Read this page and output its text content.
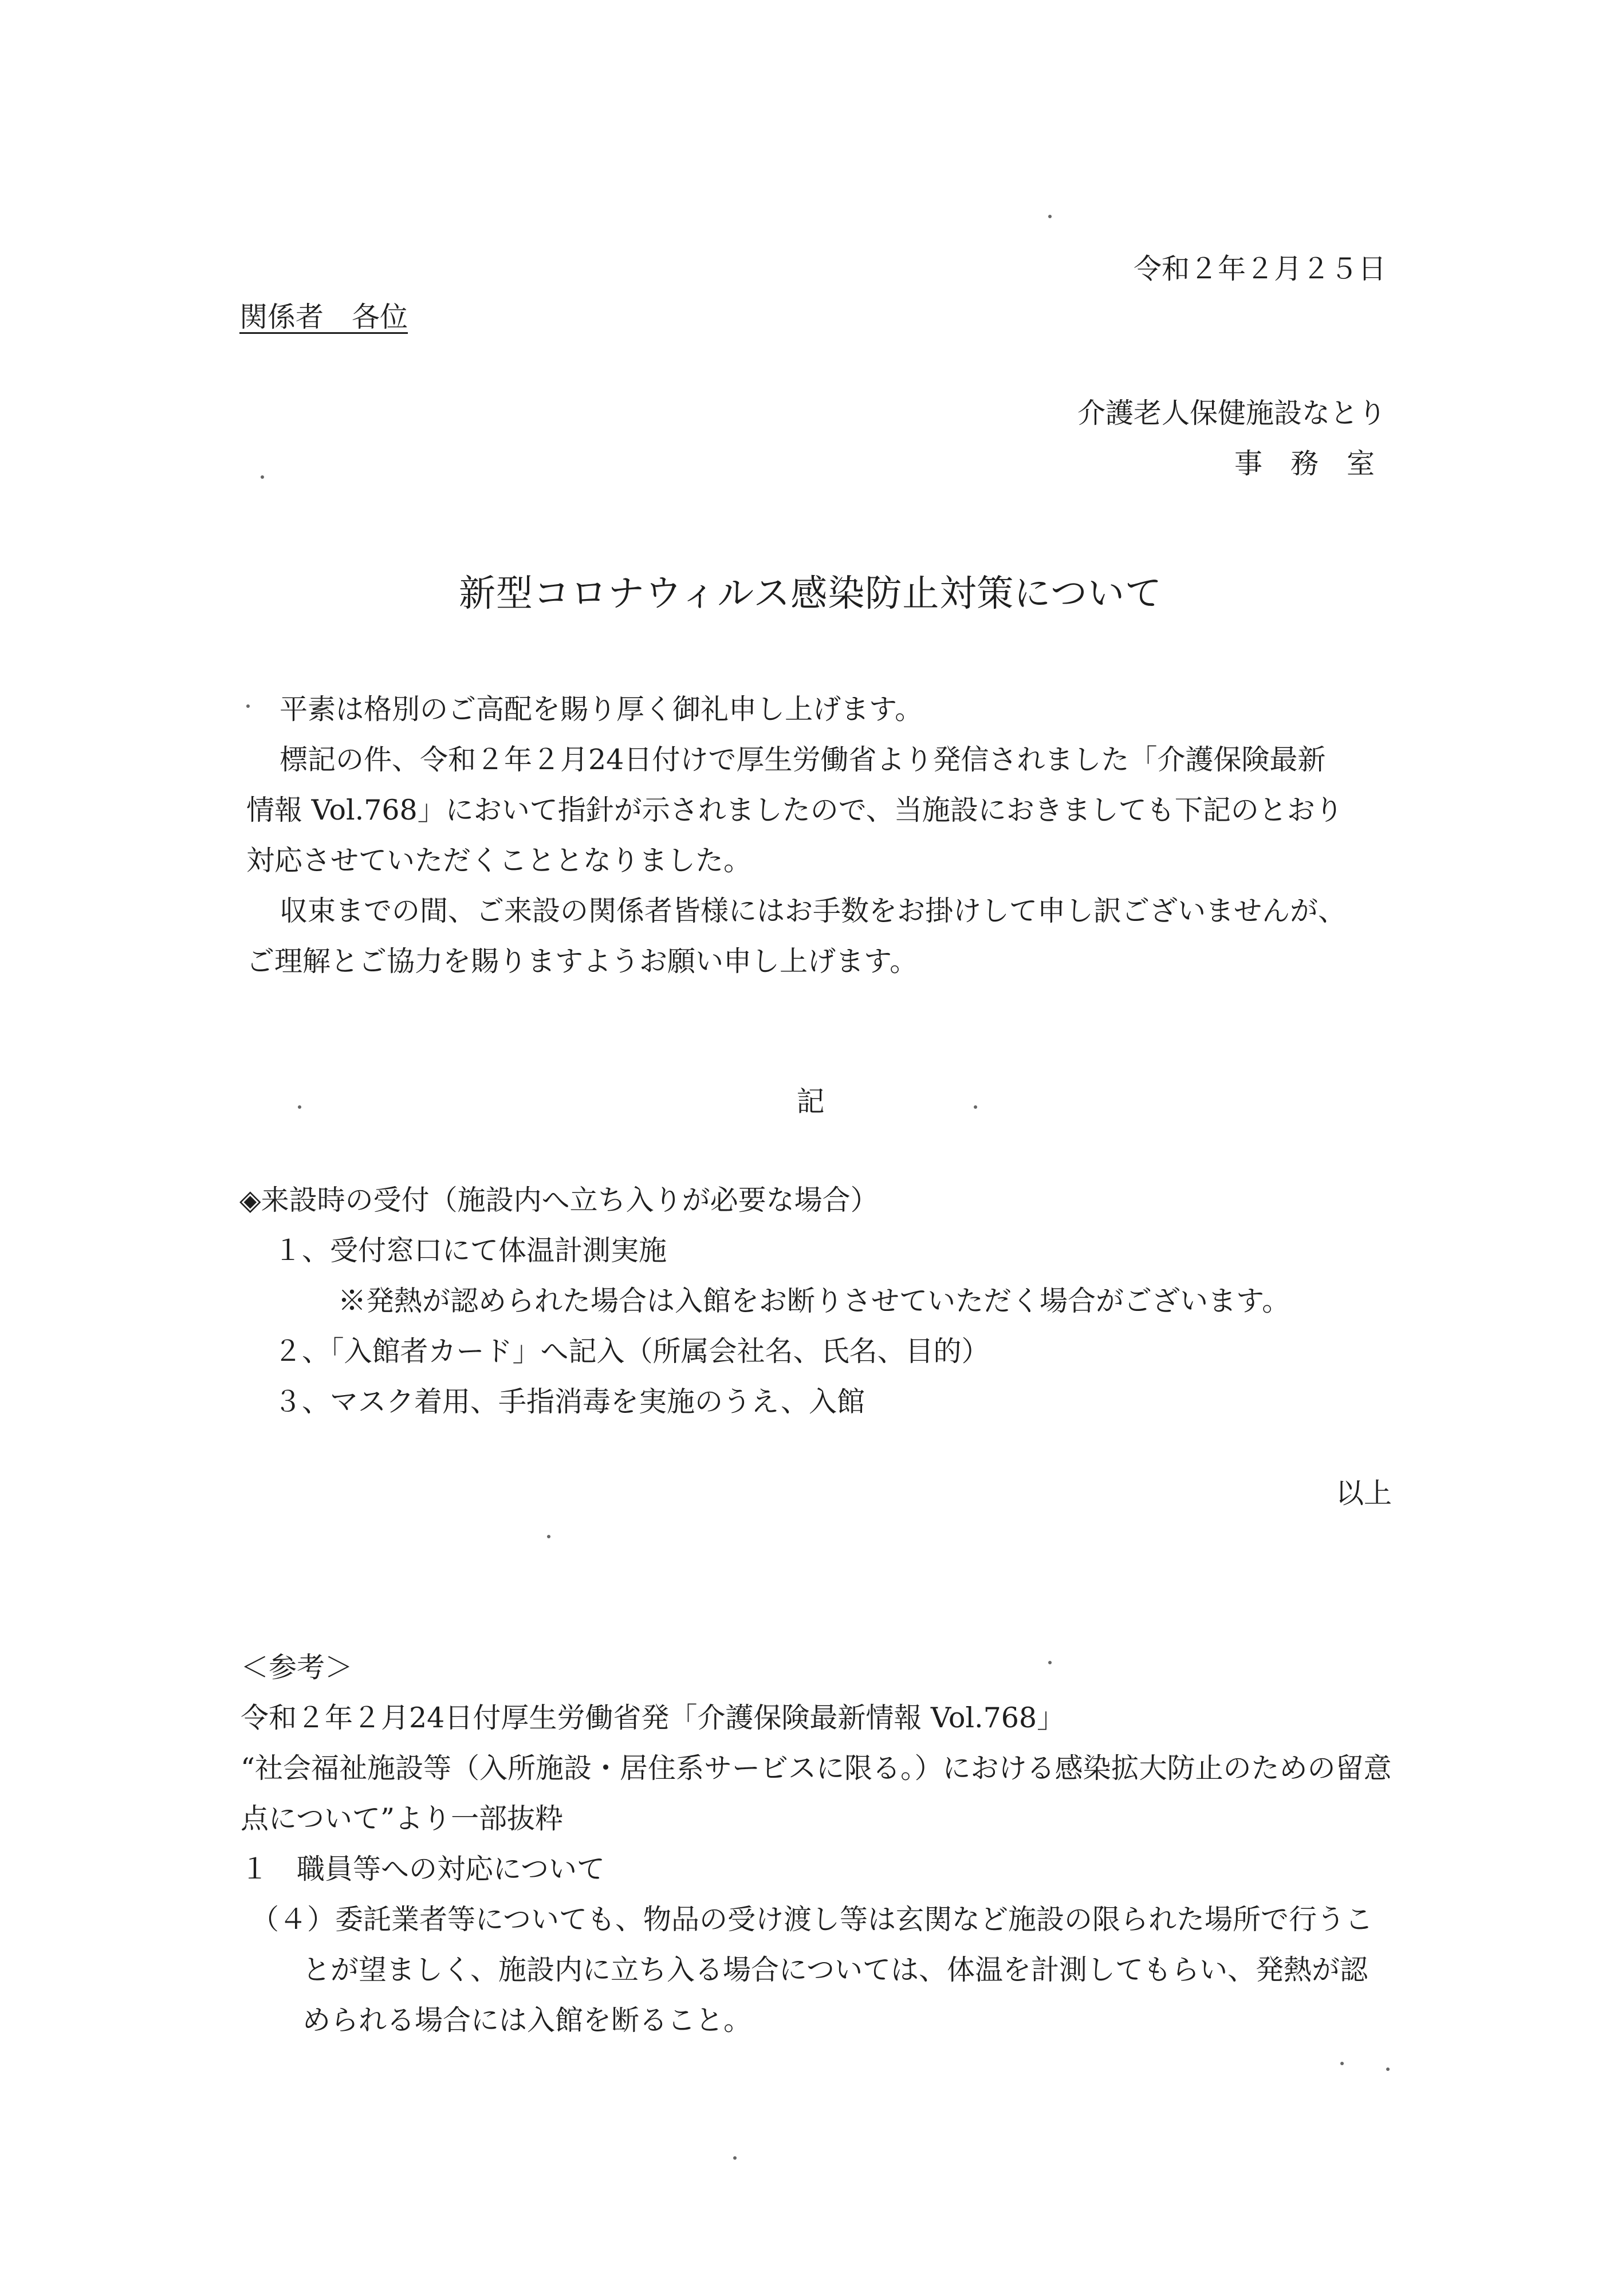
令和２年２月２５日
関係者　各位
介護老人保健施設なとり
事　務　室
新型コロナウィルス感染防止対策について
平素は格別のご高配を賜り厚く御礼申し上げます。
標記の件、令和２年２月24日付けで厚生労働省より発信されました「介護保険最新
情報 Vol.768」において指針が示されましたので、当施設におきましても下記のとおり
対応させていただくこととなりました。
収束までの間、ご来設の関係者皆様にはお手数をお掛けして申し訳ございませんが、
ご理解とご協力を賜りますようお願い申し上げます。
記
◈来設時の受付（施設内へ立ち入りが必要な場合）
１、受付窓口にて体温計測実施
※発熱が認められた場合は入館をお断りさせていただく場合がございます。
２、「入館者カード」へ記入（所属会社名、氏名、目的）
３、マスク着用、手指消毒を実施のうえ、入館
以上
＜参考＞
令和２年２月24日付厚生労働省発「介護保険最新情報 Vol.768」
“社会福祉施設等（入所施設・居住系サービスに限る。）における感染拡大防止のための留意
点について”より一部抜粋
１　職員等への対応について
（４）委託業者等についても、物品の受け渡し等は玄関など施設の限られた場所で行うこ
とが望ましく、施設内に立ち入る場合については、体温を計測してもらい、発熱が認
められる場合には入館を断ること。
